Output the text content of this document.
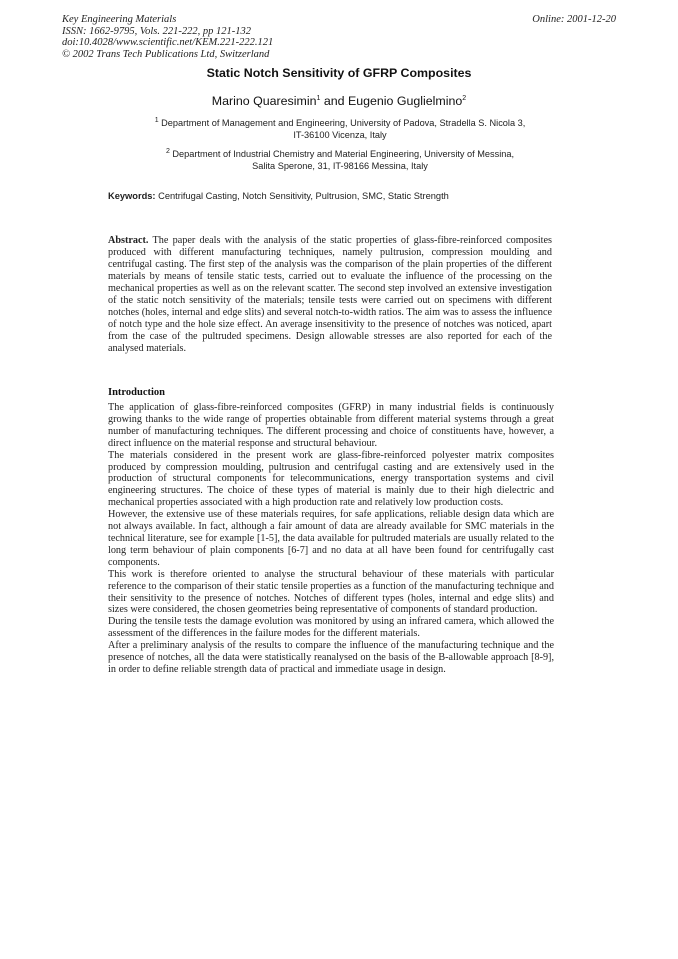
Key Engineering Materials
ISSN: 1662-9795, Vols. 221-222, pp 121-132
doi:10.4028/www.scientific.net/KEM.221-222.121
© 2002 Trans Tech Publications Ltd, Switzerland
Online: 2001-12-20
Static Notch Sensitivity of GFRP Composites
Marino Quaresimin$^1$ and Eugenio Guglielmino$^2$
$^1$ Department of Management and Engineering, University of Padova, Stradella S. Nicola 3,
IT-36100 Vicenza, Italy
$^2$ Department of Industrial Chemistry and Material Engineering, University of Messina,
Salita Sperone, 31, IT-98166 Messina, Italy
Keywords: Centrifugal Casting, Notch Sensitivity, Pultrusion, SMC, Static Strength
Abstract. The paper deals with the analysis of the static properties of glass-fibre-reinforced composites produced with different manufacturing techniques, namely pultrusion, compression moulding and centrifugal casting. The first step of the analysis was the comparison of the plain properties of the different materials by means of tensile static tests, carried out to evaluate the influence of the processing on the mechanical properties as well as on the relevant scatter. The second step involved an extensive investigation of the static notch sensitivity of the materials; tensile tests were carried out on specimens with different notches (holes, internal and edge slits) and several notch-to-width ratios. The aim was to assess the influence of notch type and the hole size effect. An average insensitivity to the presence of notches was noticed, apart from the case of the pultruded specimens. Design allowable stresses are also reported for each of the analysed materials.
Introduction

The application of glass-fibre-reinforced composites (GFRP) in many industrial fields is continuously growing thanks to the wide range of properties obtainable from different material systems through a great number of manufacturing techniques. The different processing and choice of constituents have, however, a direct influence on the material response and structural behaviour.

The materials considered in the present work are glass-fibre-reinforced polyester matrix composites produced by compression moulding, pultrusion and centrifugal casting and are extensively used in the production of structural components for telecommunications, energy transportation systems and civil engineering structures. The choice of these types of material is mainly due to their high dielectric and mechanical properties associated with a high production rate and relatively low production costs.

However, the extensive use of these materials requires, for safe applications, reliable design data which are not always available. In fact, although a fair amount of data are already available for SMC materials in the technical literature, see for example [1-5], the data available for pultruded materials are usually related to the long term behaviour of plain components [6-7] and no data at all have been found for centrifugally cast components.

This work is therefore oriented to analyse the structural behaviour of these materials with particular reference to the comparison of their static tensile properties as a function of the manufacturing technique and their sensitivity to the presence of notches. Notches of different types (holes, internal and edge slits) and sizes were considered, the chosen geometries being representative of components of standard production.

During the tensile tests the damage evolution was monitored by using an infrared camera, which allowed the assessment of the differences in the failure modes for the different materials.

After a preliminary analysis of the results to compare the influence of the manufacturing technique and the presence of notches, all the data were statistically reanalysed on the basis of the B-allowable approach [8-9], in order to define reliable strength data of practical and immediate usage in design.
